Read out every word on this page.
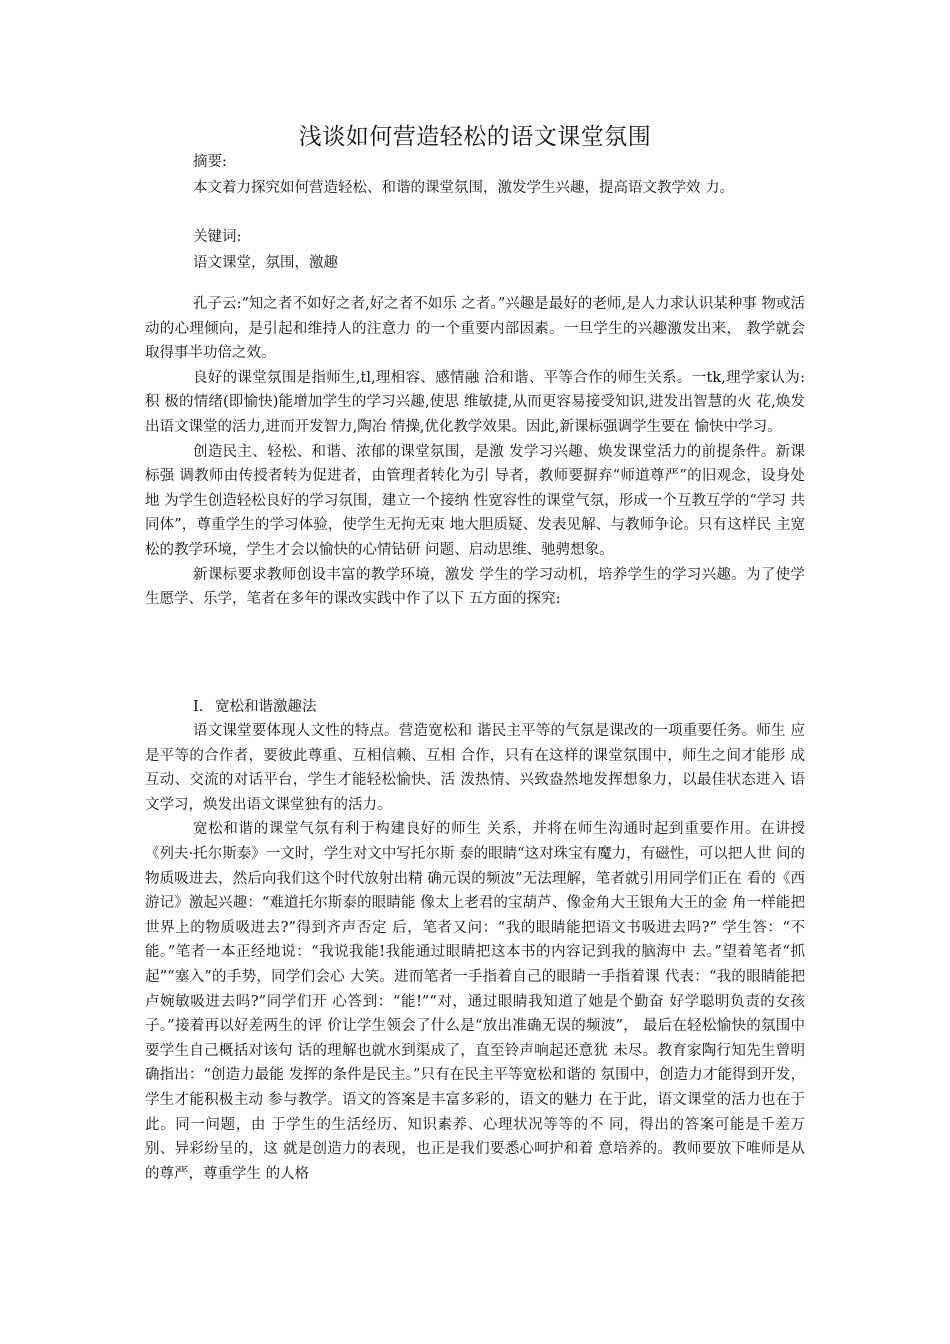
浅谈如何营造轻松的语文课堂氛围

摘要:

本文着力探究如何营造轻松、和谐的课堂氛围，激发学生兴趣，提高语文教学效 力。

关键词:

语文课堂，氛围，激趣

孔子云:“知之者不如好之者,好之者不如乐 之者。”兴趣是最好的老师,是人力求认识某种事 物或活动的心理倾向，是引起和维持人的注意力 的一个重要内部因素。一旦学生的兴趣激发出来， 教学就会取得事半功倍之效。

良好的课堂氛围是指师生,tl,理相容、感情融 洽和谐、平等合作的师生关系。一tk,理学家认为:积 极的情绪(即愉快)能增加学生的学习兴趣,使思 维敏捷,从而更容易接受知识,进发出智慧的火 花,焕发出语文课堂的活力,进而开发智力,陶冶 情操,优化教学效果。因此,新课标强调学生要在 愉快中学习。

创造民主、轻松、和谐、浓郁的课堂氛围，是激 发学习兴趣、焕发课堂活力的前提条件。新课标强 调教师由传授者转为促进者，由管理者转化为引 导者，教师要摒弃“师道尊严”的旧观念，设身处地 为学生创造轻松良好的学习氛围，建立一个接纳 性宽容性的课堂气氛，形成一个互教互学的“学习 共同体”，尊重学生的学习体验，使学生无拘无束 地大胆质疑、发表见解、与教师争论。只有这样民 主宽松的教学环境，学生才会以愉快的心情钻研 问题、启动思维、驰骋想象。

新课标要求教师创设丰富的教学环境，激发 学生的学习动机，培养学生的学习兴趣。为了使学 生愿学、乐学，笔者在多年的课改实践中作了以下 五方面的探究:

I. 宽松和谐激趣法

语文课堂要体现人文性的特点。营造宽松和 谐民主平等的气氛是课改的一项重要任务。师生 应是平等的合作者，要彼此尊重、互相信赖、互相 合作，只有在这样的课堂氛围中，师生之间才能形 成互动、交流的对话平台，学生才能轻松愉快、活 泼热情、兴致盎然地发挥想象力，以最佳状态进入 语文学习，焕发出语文课堂独有的活力。

宽松和谐的课堂气氛有利于构建良好的师生 关系，并将在师生沟通时起到重要作用。在讲授《列夫·托尔斯泰》一文时，学生对文中写托尔斯 泰的眼睛“这对珠宝有魔力，有磁性，可以把人世 间的物质吸进去，然后向我们这个时代放射出精 确元误的频波”无法理解，笔者就引用同学们正在 看的《西游记》激起兴趣：“难道托尔斯泰的眼睛能 像太上老君的宝葫芦、像金角大王银角大王的金 角一样能把世界上的物质吸进去?”得到齐声否定 后，笔者又问：“我的眼睛能把语文书吸进去吗?” 学生答：“不能。”笔者一本正经地说：“我说我能!我能通过眼睛把这本书的内容记到我的脑海中 去。”望着笔者“抓起”“塞入”的手势，同学们会心 大笑。进而笔者一手指着自己的眼睛一手指着课 代表：“我的眼睛能把卢婉敏吸进去吗?”同学们开 心答到：“能!”“对，通过眼睛我知道了她是个勤奋 好学聪明负责的女孩子。”接着再以好差两生的评 价让学生领会了什么是“放出准确无误的频波”， 最后在轻松愉快的氛围中要学生自己概括对该句 话的理解也就水到渠成了，直至铃声响起还意犹 未尽。教育家陶行知先生曾明确指出：“创造力最能 发挥的条件是民主。”只有在民主平等宽松和谐的 氛围中，创造力才能得到开发，学生才能积极主动 参与教学。语文的答案是丰富多彩的，语文的魅力 在于此，语文课堂的活力也在于此。同一问题，由 于学生的生活经历、知识素养、心理状况等等的不 同，得出的答案可能是千差万别、异彩纷呈的，这 就是创造力的表现，也正是我们要悉心呵护和着 意培养的。教师要放下唯师是从的尊严，尊重学生 的人格
